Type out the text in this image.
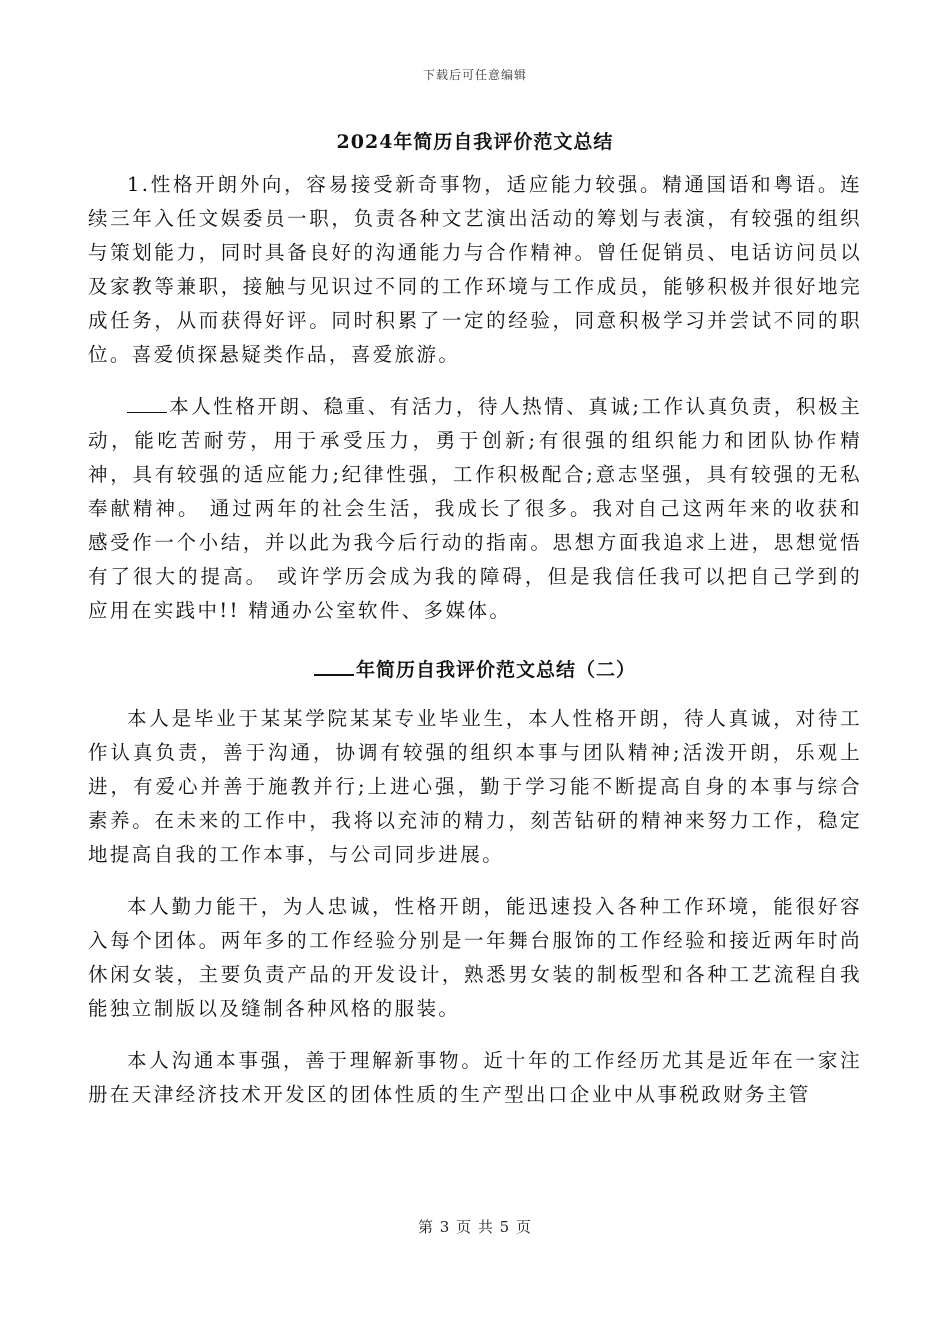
下载后可任意编辑
2024年简历自我评价范文总结

1.性格开朗外向，容易接受新奇事物，适应能力较强。精通国语和粤语。连续三年入任文娱委员一职，负责各种文艺演出活动的筹划与表演，有较强的组织与策划能力，同时具备良好的沟通能力与合作精神。曾任促销员、电话访问员以及家教等兼职，接触与见识过不同的工作环境与工作成员，能够积极并很好地完成任务，从而获得好评。同时积累了一定的经验，同意积极学习并尝试不同的职位。喜爱侦探悬疑类作品，喜爱旅游。

本人性格开朗、稳重、有活力，待人热情、真诚;工作认真负责，积极主动，能吃苦耐劳，用于承受压力，勇于创新;有很强的组织能力和团队协作精神，具有较强的适应能力;纪律性强，工作积极配合;意志坚强，具有较强的无私奉献精神。 通过两年的社会生活，我成长了很多。我对自己这两年来的收获和感受作一个小结，并以此为我今后行动的指南。思想方面我追求上进，思想觉悟有了很大的提高。 或许学历会成为我的障碍，但是我信任我可以把自己学到的应用在实践中!! 精通办公室软件、多媒体。

年简历自我评价范文总结（二）

本人是毕业于某某学院某某专业毕业生，本人性格开朗，待人真诚，对待工作认真负责，善于沟通，协调有较强的组织本事与团队精神;活泼开朗，乐观上进，有爱心并善于施教并行;上进心强，勤于学习能不断提高自身的本事与综合素养。在未来的工作中，我将以充沛的精力，刻苦钻研的精神来努力工作，稳定地提高自我的工作本事，与公司同步进展。

本人勤力能干，为人忠诚，性格开朗，能迅速投入各种工作环境，能很好容入每个团体。两年多的工作经验分别是一年舞台服饰的工作经验和接近两年时尚休闲女装，主要负责产品的开发设计，熟悉男女装的制板型和各种工艺流程自我能独立制版以及缝制各种风格的服装。

本人沟通本事强，善于理解新事物。近十年的工作经历尤其是近年在一家注册在天津经济技术开发区的团体性质的生产型出口企业中从事税政财务主管

第 3 页 共 5 页
